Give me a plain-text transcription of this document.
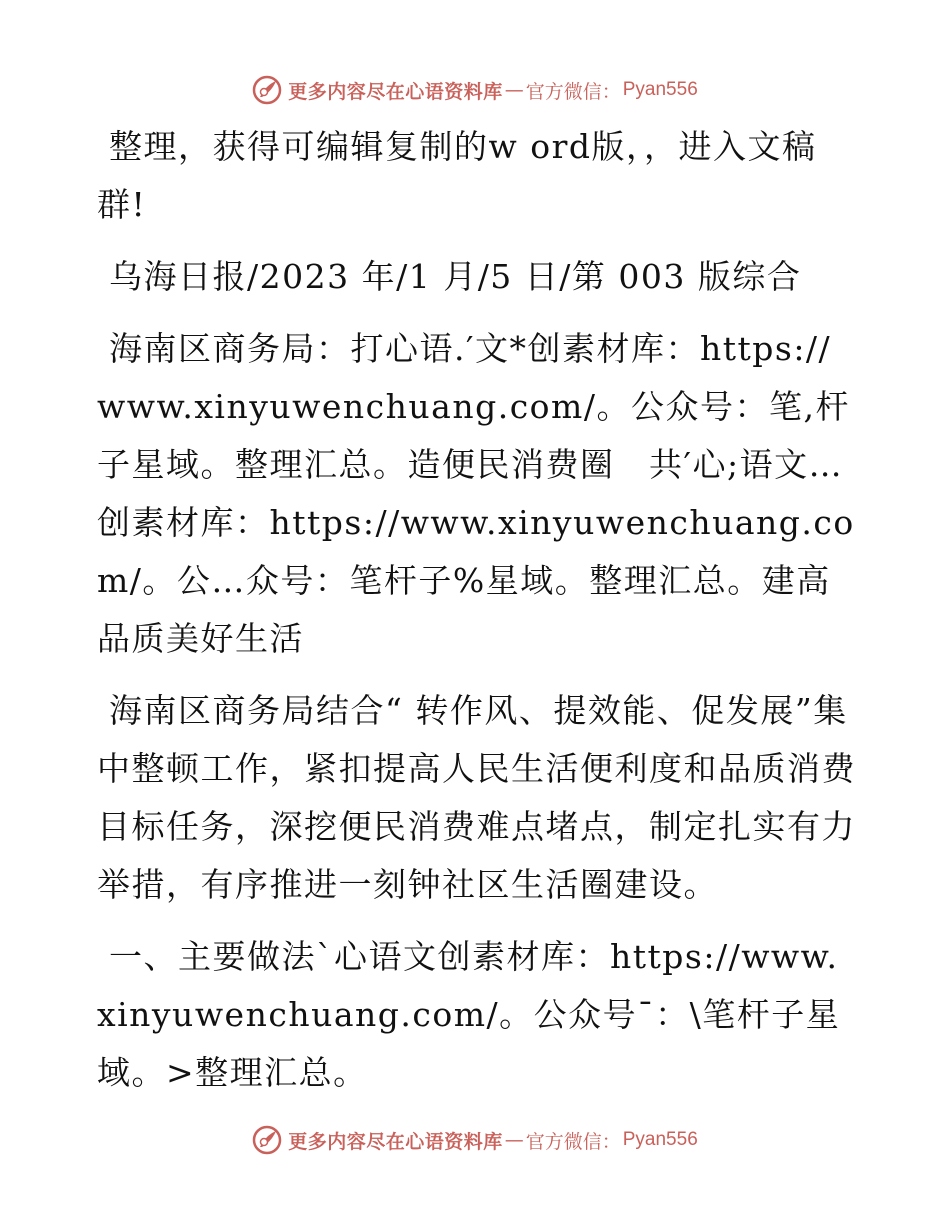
更多内容尽在心语资料库 — 官方微信： Pyan556

整理，获得可编辑复制的w ord版，，进入文稿群!

乌海日报/2023 年/1 月/5 日/第 003 版综合

海南区商务局：打心语.′文*创素材库：https://www.xinyuwenchuang.com/。公众号：笔,杆子星域。整理汇总。造便民消费圈　共′心;语文…创素材库：https://www.xinyuwenchuang.com/。公…众号：笔杆子%星域。整理汇总。建高品质美好生活

海南区商务局结合“ 转作风、提效能、促发展”集中整顿工作，紧扣提高人民生活便利度和品质消费目标任务，深挖便民消费难点堵点，制定扎实有力举措，有序推进一刻钟社区生活圈建设。

一、主要做法`心语文创素材库：https://www.xinyuwenchuang.com/。公众号¯：\笔杆子星域。>整理汇总。

更多内容尽在心语资料库 — 官方微信： Pyan556
